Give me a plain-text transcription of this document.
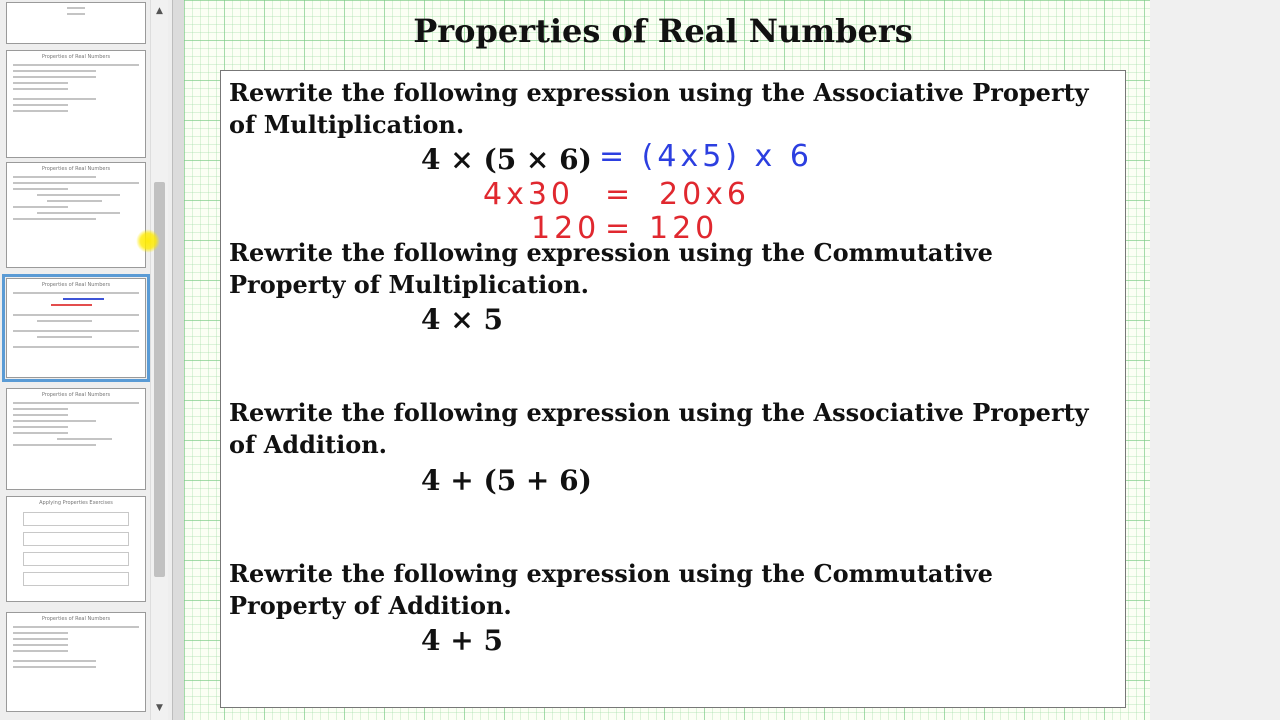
Properties of Real Numbers
Properties of Real Numbers
Properties of Real Numbers
Properties of Real Numbers
Applying Properties Exercises
Properties of Real Numbers
▲
▼
Properties of Real Numbers
Rewrite the following expression using the Associative Property of Multiplication.
4 × (5 × 6) = (4x5) x 6
4x30 = 20x6
120 = 120
Rewrite the following expression using the Commutative Property of Multiplication.
4 × 5
Rewrite the following expression using the Associative Property of Addition.
4 + (5 + 6)
Rewrite the following expression using the Commutative Property of Addition.
4 + 5
